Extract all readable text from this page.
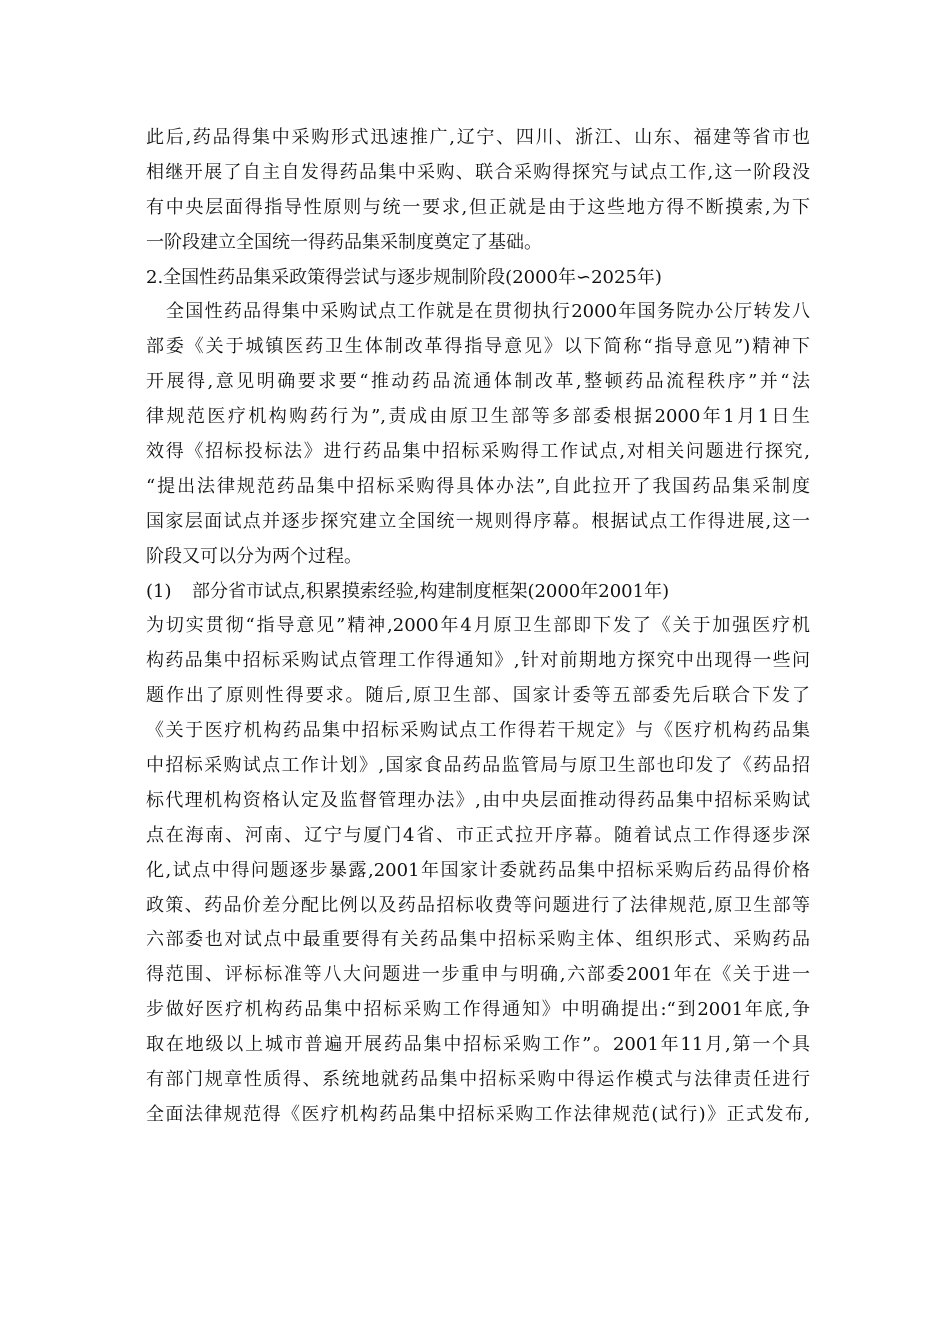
此后,药品得集中采购形式迅速推广,辽宁、四川、浙江、山东、福建等省市也
相继开展了自主自发得药品集中采购、联合采购得探究与试点工作,这一阶段没
有中央层面得指导性原则与统一要求,但正就是由于这些地方得不断摸索,为下
一阶段建立全国统一得药品集采制度奠定了基础。
2.全国性药品集采政策得尝试与逐步规制阶段(2000年∽2025年)
全国性药品得集中采购试点工作就是在贯彻执行2000年国务院办公厅转发八
部委《关于城镇医药卫生体制改革得指导意见》以下简称“指导意见”)精神下
开展得,意见明确要求要“推动药品流通体制改革,整顿药品流程秩序”并“法
律规范医疗机构购药行为”,责成由原卫生部等多部委根据2000年1月1日生
效得《招标投标法》进行药品集中招标采购得工作试点,对相关问题进行探究,
“提出法律规范药品集中招标采购得具体办法”,自此拉开了我国药品集采制度
国家层面试点并逐步探究建立全国统一规则得序幕。根据试点工作得进展,这一
阶段又可以分为两个过程。
(1) 部分省市试点,积累摸索经验,构建制度框架(2000年2001年)
为切实贯彻“指导意见”精神,2000年4月原卫生部即下发了《关于加强医疗机
构药品集中招标采购试点管理工作得通知》,针对前期地方探究中出现得一些问
题作出了原则性得要求。随后,原卫生部、国家计委等五部委先后联合下发了
《关于医疗机构药品集中招标采购试点工作得若干规定》与《医疗机构药品集
中招标采购试点工作计划》,国家食品药品监管局与原卫生部也印发了《药品招
标代理机构资格认定及监督管理办法》,由中央层面推动得药品集中招标采购试
点在海南、河南、辽宁与厦门4省、市正式拉开序幕。随着试点工作得逐步深
化,试点中得问题逐步暴露,2001年国家计委就药品集中招标采购后药品得价格
政策、药品价差分配比例以及药品招标收费等问题进行了法律规范,原卫生部等
六部委也对试点中最重要得有关药品集中招标采购主体、组织形式、采购药品
得范围、评标标准等八大问题进一步重申与明确,六部委2001年在《关于进一
步做好医疗机构药品集中招标采购工作得通知》中明确提出:“到2001年底,争
取在地级以上城市普遍开展药品集中招标采购工作”。2001年11月,第一个具
有部门规章性质得、系统地就药品集中招标采购中得运作模式与法律责任进行
全面法律规范得《医疗机构药品集中招标采购工作法律规范(试行)》正式发布,
